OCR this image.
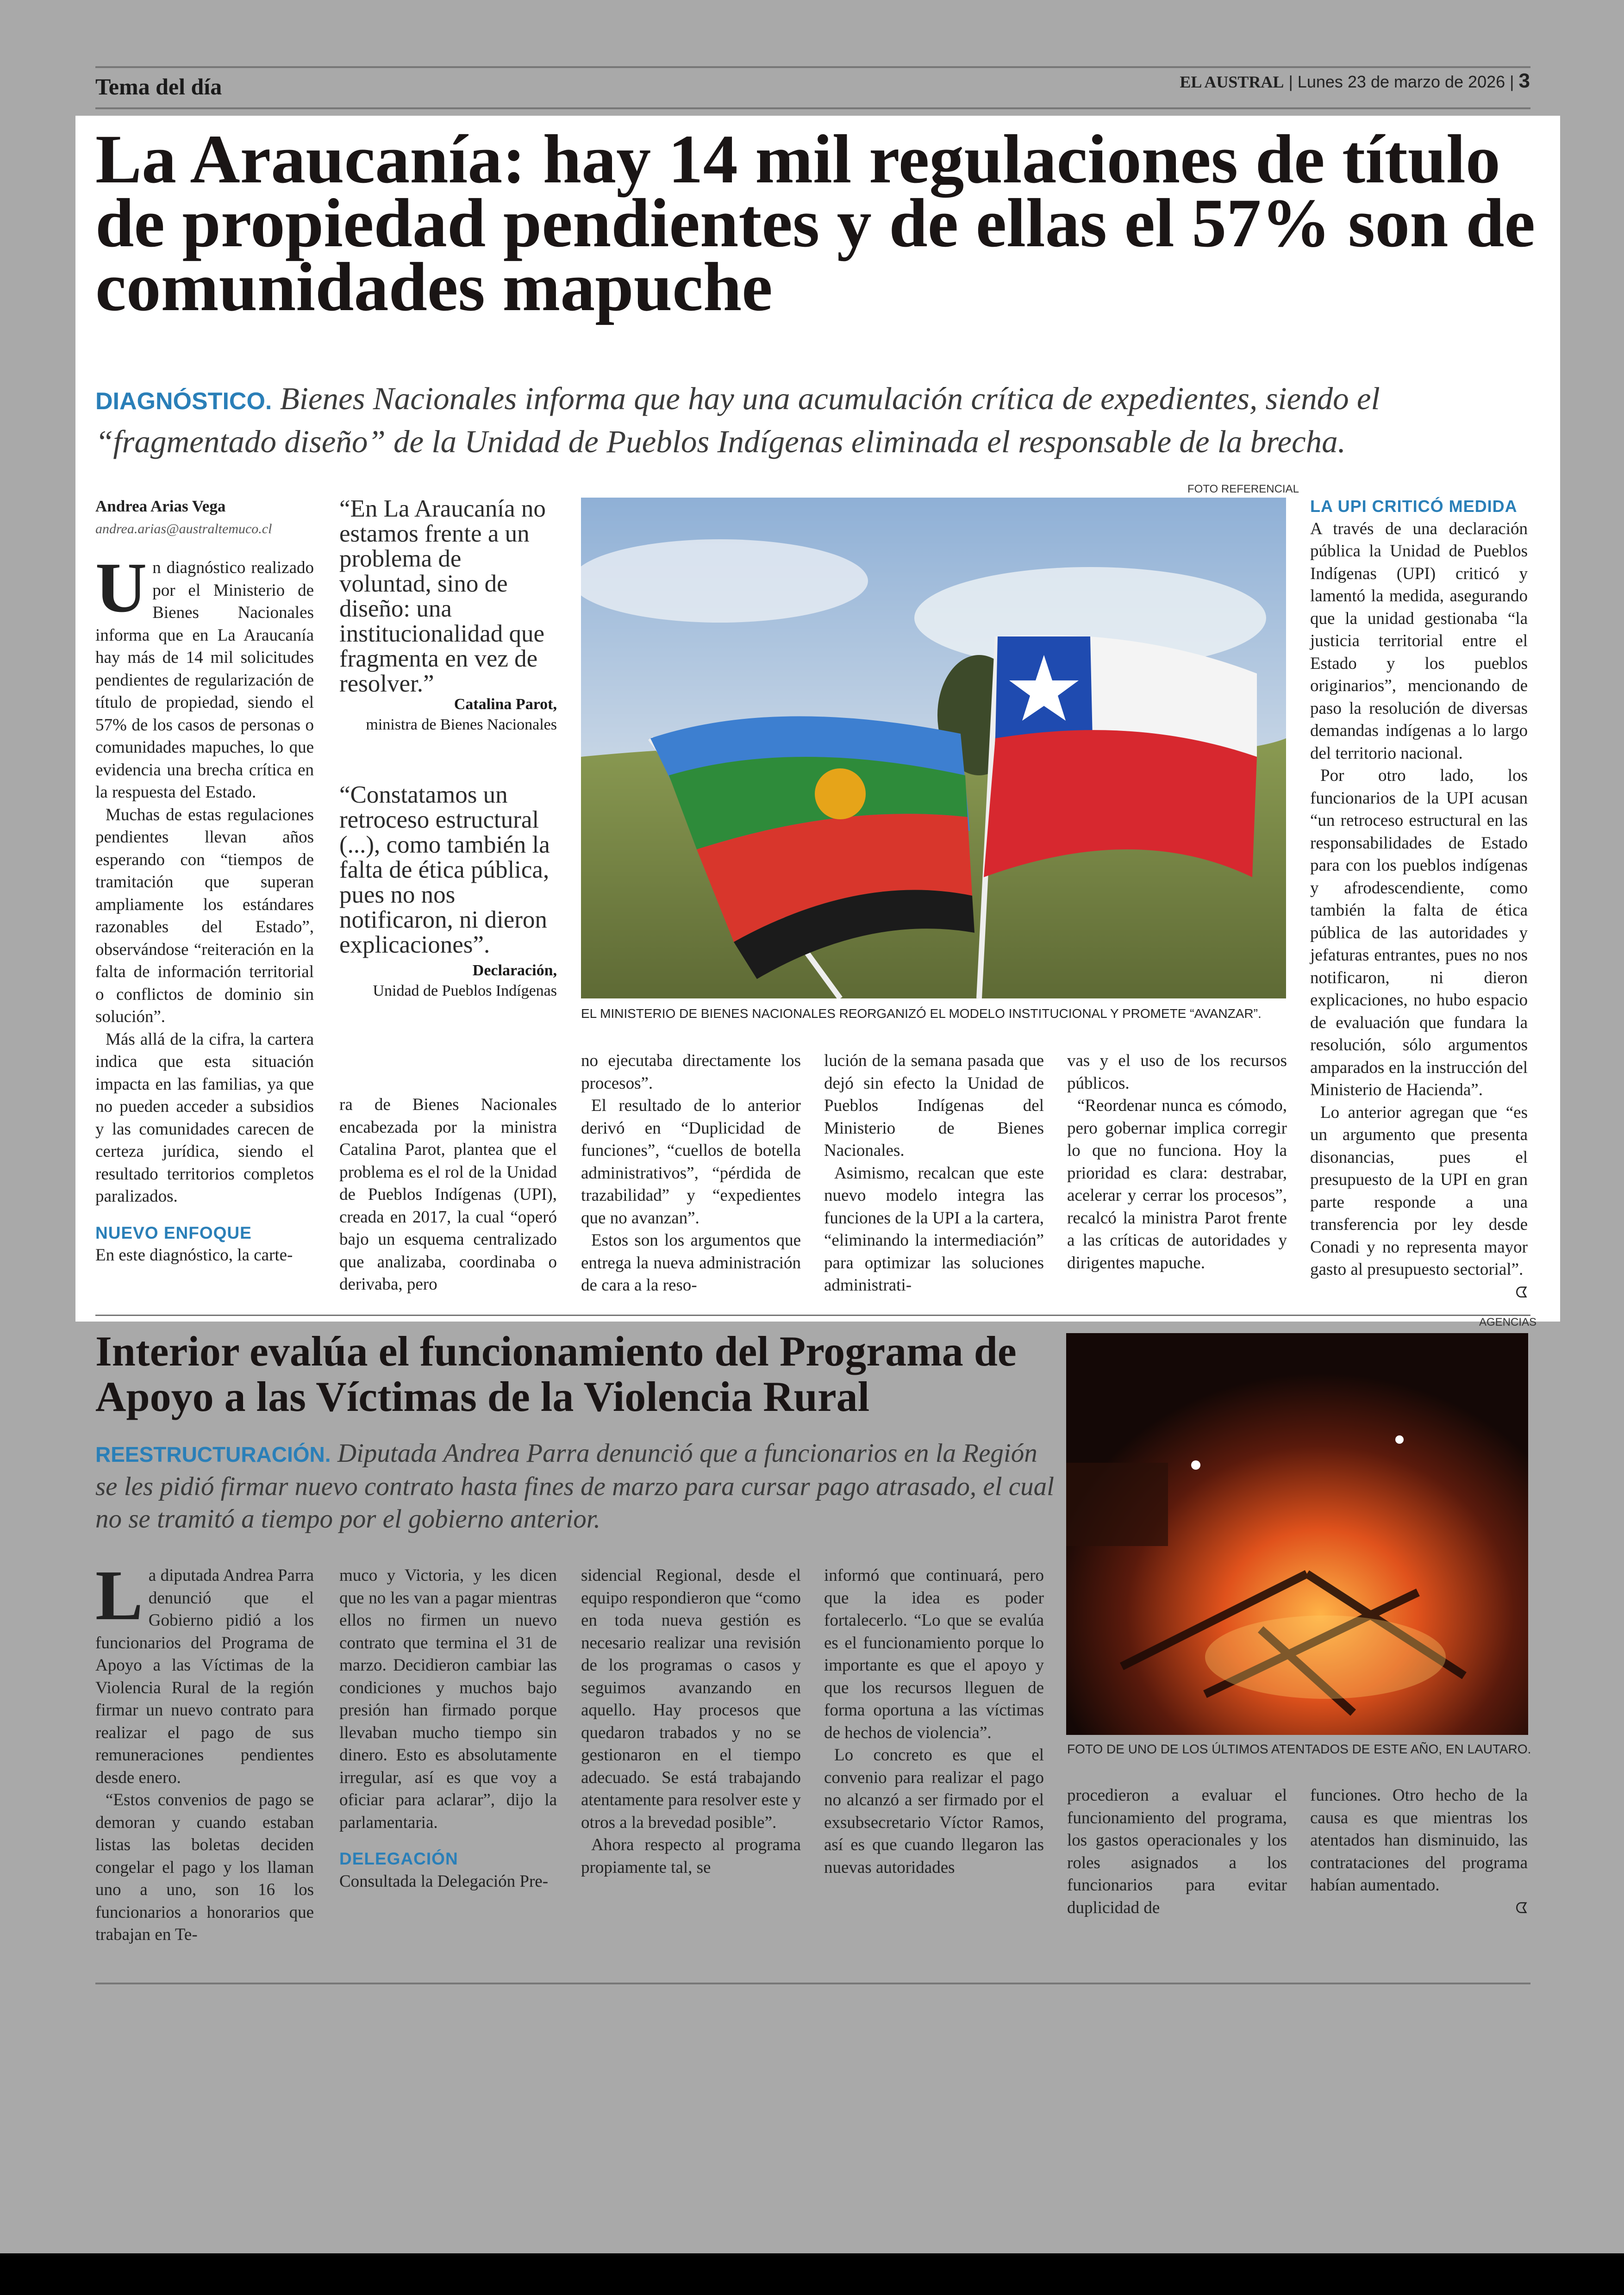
Tema del día	EL AUSTRAL | Lunes 23 de marzo de 2026 | 3
La Araucanía: hay 14 mil regulaciones de título de propiedad pendientes y de ellas el 57% son de comunidades mapuche
DIAGNÓSTICO. Bienes Nacionales informa que hay una acumulación crítica de expedientes, siendo el “fragmentado diseño” de la Unidad de Pueblos Indígenas eliminada el responsable de la brecha.
Andrea Arias Vega
andrea.arias@australtemuco.cl

Un diagnóstico realizado por el Ministerio de Bienes Nacionales informa que en La Araucanía hay más de 14 mil solicitudes pendientes de regularización de título de propiedad, siendo el 57% de los casos de personas o comunidades mapuches, lo que evidencia una brecha crítica en la respuesta del Estado.

Muchas de estas regulaciones pendientes llevan años esperando con “tiempos de tramitación que superan ampliamente los estándares razonables del Estado”, observándose “reiteración en la falta de información territorial o conflictos de dominio sin solución”.

Más allá de la cifra, la cartera indica que esta situación impacta en las familias, ya que no pueden acceder a subsidios y las comunidades carecen de certeza jurídica, siendo el resultado territorios completos paralizados.

NUEVO ENFOQUE

En este diagnóstico, la carte-

“En La Araucanía no estamos frente a un problema de voluntad, sino de diseño: una institucionalidad que fragmenta en vez de resolver.”
Catalina Parot,
ministra de Bienes Nacionales
“Constatamos un retroceso estructural (...), como también la falta de ética pública, pues no nos notificaron, ni dieron explicaciones”.
Declaración,
Unidad de Pueblos Indígenas
FOTO REFERENCIAL
EL MINISTERIO DE BIENES NACIONALES REORGANIZÓ EL MODELO INSTITUCIONAL Y PROMETE “AVANZAR”.

ra de Bienes Nacionales encabezada por la ministra Catalina Parot, plantea que el problema es el rol de la Unidad de Pueblos Indígenas (UPI), creada en 2017, la cual “operó bajo un esquema centralizado que analizaba, coordinaba o derivaba, pero

no ejecutaba directamente los procesos”.

El resultado de lo anterior derivó en “Duplicidad de funciones”, “cuellos de botella administrativos”, “pérdida de trazabilidad” y “expedientes que no avanzan”.

Estos son los argumentos que entrega la nueva administración de cara a la reso-

lución de la semana pasada que dejó sin efecto la Unidad de Pueblos Indígenas del Ministerio de Bienes Nacionales.

Asimismo, recalcan que este nuevo modelo integra las funciones de la UPI a la cartera, “eliminando la intermediación” para optimizar las soluciones administrati-

vas y el uso de los recursos públicos.

“Reordenar nunca es cómodo, pero gobernar implica corregir lo que no funciona. Hoy la prioridad es clara: destrabar, acelerar y cerrar los procesos”, recalcó la ministra Parot frente a las críticas de autoridades y dirigentes mapuche.

LA UPI CRITICÓ MEDIDA

A través de una declaración pública la Unidad de Pueblos Indígenas (UPI) criticó y lamentó la medida, asegurando que la unidad gestionaba “la justicia territorial entre el Estado y los pueblos originarios”, mencionando de paso la resolución de diversas demandas indígenas a lo largo del territorio nacional.

Por otro lado, los funcionarios de la UPI acusan “un retroceso estructural en las responsabilidades de Estado para con los pueblos indígenas y afrodescendiente, como también la falta de ética pública de las autoridades y jefaturas entrantes, pues no nos notificaron, ni dieron explicaciones, no hubo espacio de evaluación que fundara la resolución, sólo argumentos amparados en la instrucción del Ministerio de Hacienda”.

Lo anterior agregan que “es un argumento que presenta disonancias, pues el presupuesto de la UPI en gran parte responde a una transferencia por ley desde Conadi y no representa mayor gasto al presupuesto sectorial”.

ᗧ
AGENCIAS
Interior evalúa el funcionamiento del Programa de Apoyo a las Víctimas de la Violencia Rural
REESTRUCTURACIÓN. Diputada Andrea Parra denunció que a funcionarios en la Región se les pidió firmar nuevo contrato hasta fines de marzo para cursar pago atrasado, el cual no se tramitó a tiempo por el gobierno anterior.
FOTO DE UNO DE LOS ÚLTIMOS ATENTADOS DE ESTE AÑO, EN LAUTARO.

La diputada Andrea Parra denunció que el Gobierno pidió a los funcionarios del Programa de Apoyo a las Víctimas de la Violencia Rural de la región firmar un nuevo contrato para realizar el pago de sus remuneraciones pendientes desde enero.

“Estos convenios de pago se demoran y cuando estaban listas las boletas deciden congelar el pago y los llaman uno a uno, son 16 los funcionarios a honorarios que trabajan en Te-

muco y Victoria, y les dicen que no les van a pagar mientras ellos no firmen un nuevo contrato que termina el 31 de marzo. Decidieron cambiar las condiciones y muchos bajo presión han firmado porque llevaban mucho tiempo sin dinero. Esto es absolutamente irregular, así es que voy a oficiar para aclarar”, dijo la parlamentaria.

DELEGACIÓN

Consultada la Delegación Pre-

sidencial Regional, desde el equipo respondieron que “como en toda nueva gestión es necesario realizar una revisión de los programas o casos y seguimos avanzando en aquello. Hay procesos que quedaron trabados y no se gestionaron en el tiempo adecuado. Se está trabajando atentamente para resolver este y otros a la brevedad posible”.

Ahora respecto al programa propiamente tal, se

informó que continuará, pero que la idea es poder fortalecerlo. “Lo que se evalúa es el funcionamiento porque lo importante es que el apoyo y que los recursos lleguen de forma oportuna a las víctimas de hechos de violencia”.

Lo concreto es que el convenio para realizar el pago no alcanzó a ser firmado por el exsubsecretario Víctor Ramos, así es que cuando llegaron las nuevas autoridades

procedieron a evaluar el funcionamiento del programa, los gastos operacionales y los roles asignados a los funcionarios para evitar duplicidad de

funciones. Otro hecho de la causa es que mientras los atentados han disminuido, las contrataciones del programa habían aumentado.

ᗧ
